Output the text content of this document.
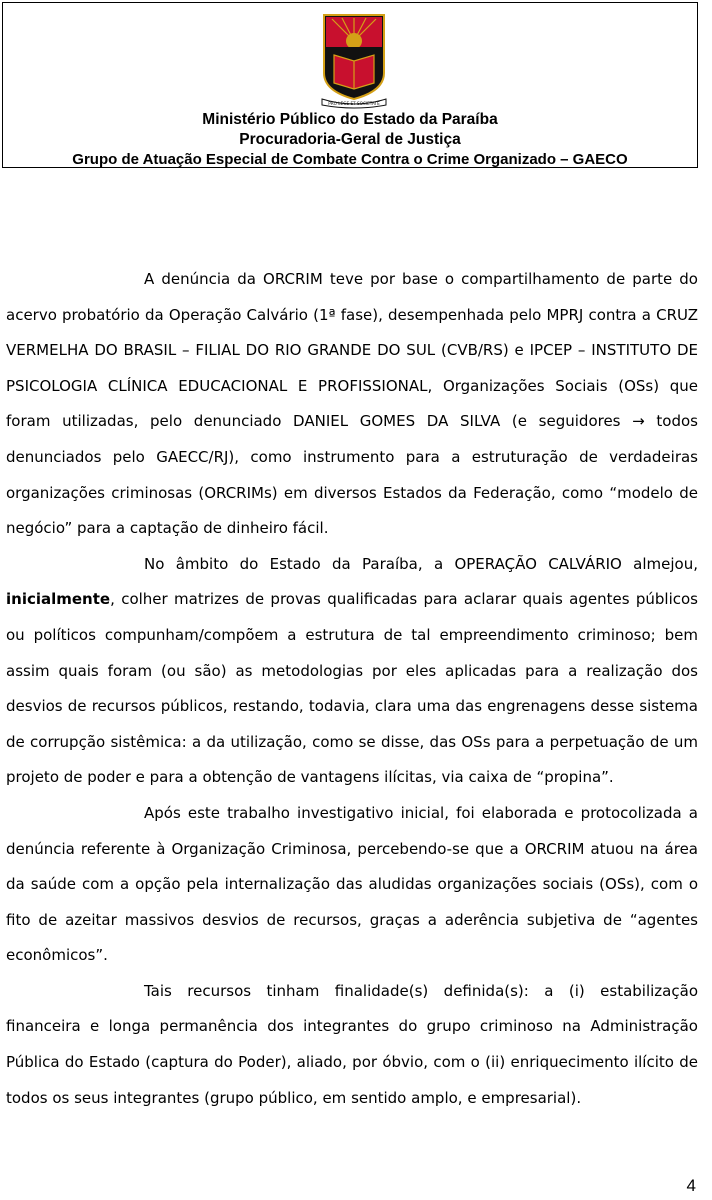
PRO LEGE ET SOCIETATE
Ministério Público do Estado da Paraíba
Procuradoria-Geral de Justiça
Grupo de Atuação Especial de Combate Contra o Crime Organizado – GAECO

A denúncia da ORCRIM teve por base o compartilhamento de parte do acervo probatório da Operação Calvário (1ª fase), desempenhada pelo MPRJ contra a CRUZ VERMELHA DO BRASIL – FILIAL DO RIO GRANDE DO SUL (CVB/RS) e IPCEP – INSTITUTO DE PSICOLOGIA CLÍNICA EDUCACIONAL E PROFISSIONAL, Organizações Sociais (OSs) que foram utilizadas, pelo denunciado DANIEL GOMES DA SILVA (e seguidores → todos denunciados pelo GAECC/RJ), como instrumento para a estruturação de verdadeiras organizações criminosas (ORCRIMs) em diversos Estados da Federação, como “modelo de negócio” para a captação de dinheiro fácil.

No âmbito do Estado da Paraíba, a OPERAÇÃO CALVÁRIO almejou, inicialmente, colher matrizes de provas qualificadas para aclarar quais agentes públicos ou políticos compunham/compõem a estrutura de tal empreendimento criminoso; bem assim quais foram (ou são) as metodologias por eles aplicadas para a realização dos desvios de recursos públicos, restando, todavia, clara uma das engrenagens desse sistema de corrupção sistêmica: a da utilização, como se disse, das OSs para a perpetuação de um projeto de poder e para a obtenção de vantagens ilícitas, via caixa de “propina”.

Após este trabalho investigativo inicial, foi elaborada e protocolizada a denúncia referente à Organização Criminosa, percebendo-se que a ORCRIM atuou na área da saúde com a opção pela internalização das aludidas organizações sociais (OSs), com o fito de azeitar massivos desvios de recursos, graças a aderência subjetiva de “agentes econômicos”.

Tais recursos tinham finalidade(s) definida(s): a (i) estabilização financeira e longa permanência dos integrantes do grupo criminoso na Administração Pública do Estado (captura do Poder), aliado, por óbvio, com o (ii) enriquecimento ilícito de todos os seus integrantes (grupo público, em sentido amplo, e empresarial).

4
